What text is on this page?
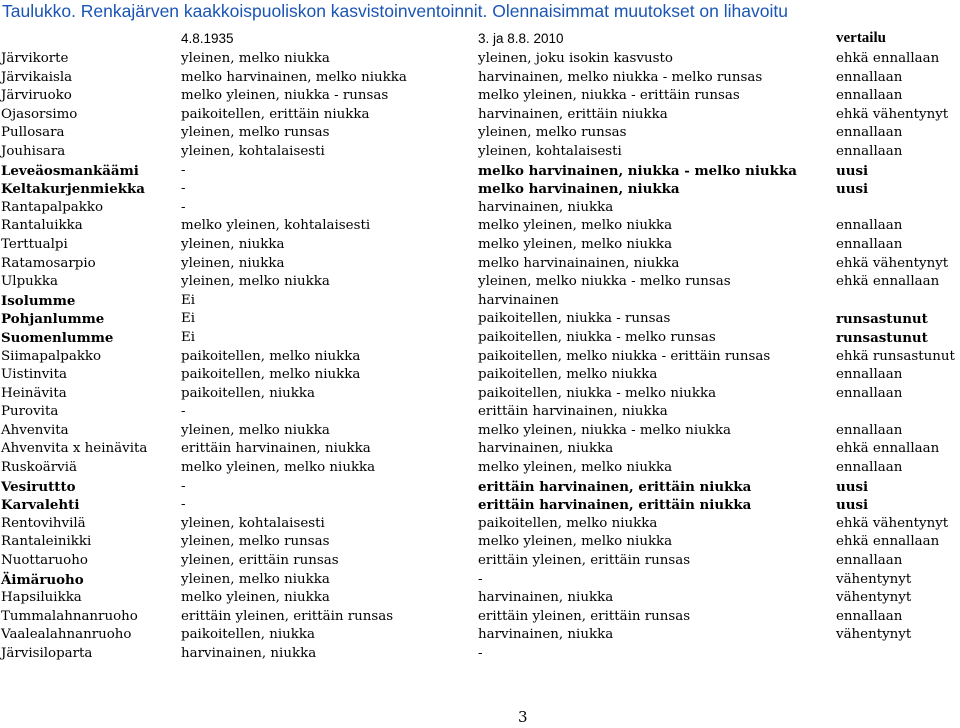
Taulukko. Renkajärven kaakkoispuoliskon kasvistoinventoinnit. Olennaisimmat muutokset on lihavoitu
4.8.1935	3. ja 8.8. 2010	vertailu
Järvikorte	yleinen, melko niukka	yleinen, joku isokin kasvusto	ehkä ennallaan
Järvikaisla	melko harvinainen, melko niukka	harvinainen, melko niukka - melko runsas	ennallaan
Järviruoko	melko yleinen, niukka - runsas	melko yleinen, niukka - erittäin runsas	ennallaan
Ojasorsimo	paikoitellen, erittäin niukka	harvinainen, erittäin niukka	ehkä vähentynyt
Pullosara	yleinen, melko runsas	yleinen, melko runsas	ennallaan
Jouhisara	yleinen, kohtalaisesti	yleinen, kohtalaisesti	ennallaan
Leveäosmankäämi	-	melko harvinainen, niukka - melko niukka	uusi
Keltakurjenmiekka	-	melko harvinainen, niukka	uusi
Rantapalpakko	-	harvinainen, niukka
Rantaluikka	melko yleinen, kohtalaisesti	melko yleinen, melko niukka	ennallaan
Terttualpi	yleinen, niukka	melko yleinen, melko niukka	ennallaan
Ratamosarpio	yleinen, niukka	melko harvinainainen, niukka	ehkä vähentynyt
Ulpukka	yleinen, melko niukka	yleinen, melko niukka - melko runsas	ehkä ennallaan
Isolumme	Ei	harvinainen
Pohjanlumme	Ei	paikoitellen, niukka - runsas	runsastunut
Suomenlumme	Ei	paikoitellen, niukka - melko runsas	runsastunut
Siimapalpakko	paikoitellen, melko niukka	paikoitellen, melko niukka - erittäin runsas	ehkä runsastunut
Uistinvita	paikoitellen, melko niukka	paikoitellen, melko niukka	ennallaan
Heinävita	paikoitellen, niukka	paikoitellen, niukka - melko niukka	ennallaan
Purovita	-	erittäin harvinainen, niukka
Ahvenvita	yleinen, melko niukka	melko yleinen, niukka - melko niukka	ennallaan
Ahvenvita x heinävita	erittäin harvinainen, niukka	harvinainen, niukka	ehkä ennallaan
Ruskoärviä	melko yleinen, melko niukka	melko yleinen, melko niukka	ennallaan
Vesiruttto	-	erittäin harvinainen, erittäin niukka	uusi
Karvalehti	-	erittäin harvinainen, erittäin niukka	uusi
Rentovihvilä	yleinen, kohtalaisesti	paikoitellen, melko niukka	ehkä vähentynyt
Rantaleinikki	yleinen, melko runsas	melko yleinen, melko niukka	ehkä ennallaan
Nuottaruoho	yleinen, erittäin runsas	erittäin yleinen, erittäin runsas	ennallaan
Äimäruoho	yleinen, melko niukka	-	vähentynyt
Hapsiluikka	melko yleinen, niukka	harvinainen, niukka	vähentynyt
Tummalahnanruoho	erittäin yleinen, erittäin runsas	erittäin yleinen, erittäin runsas	ennallaan
Vaalealahnanruoho	paikoitellen, niukka	harvinainen, niukka	vähentynyt
Järvisiloparta	harvinainen, niukka	-
3
